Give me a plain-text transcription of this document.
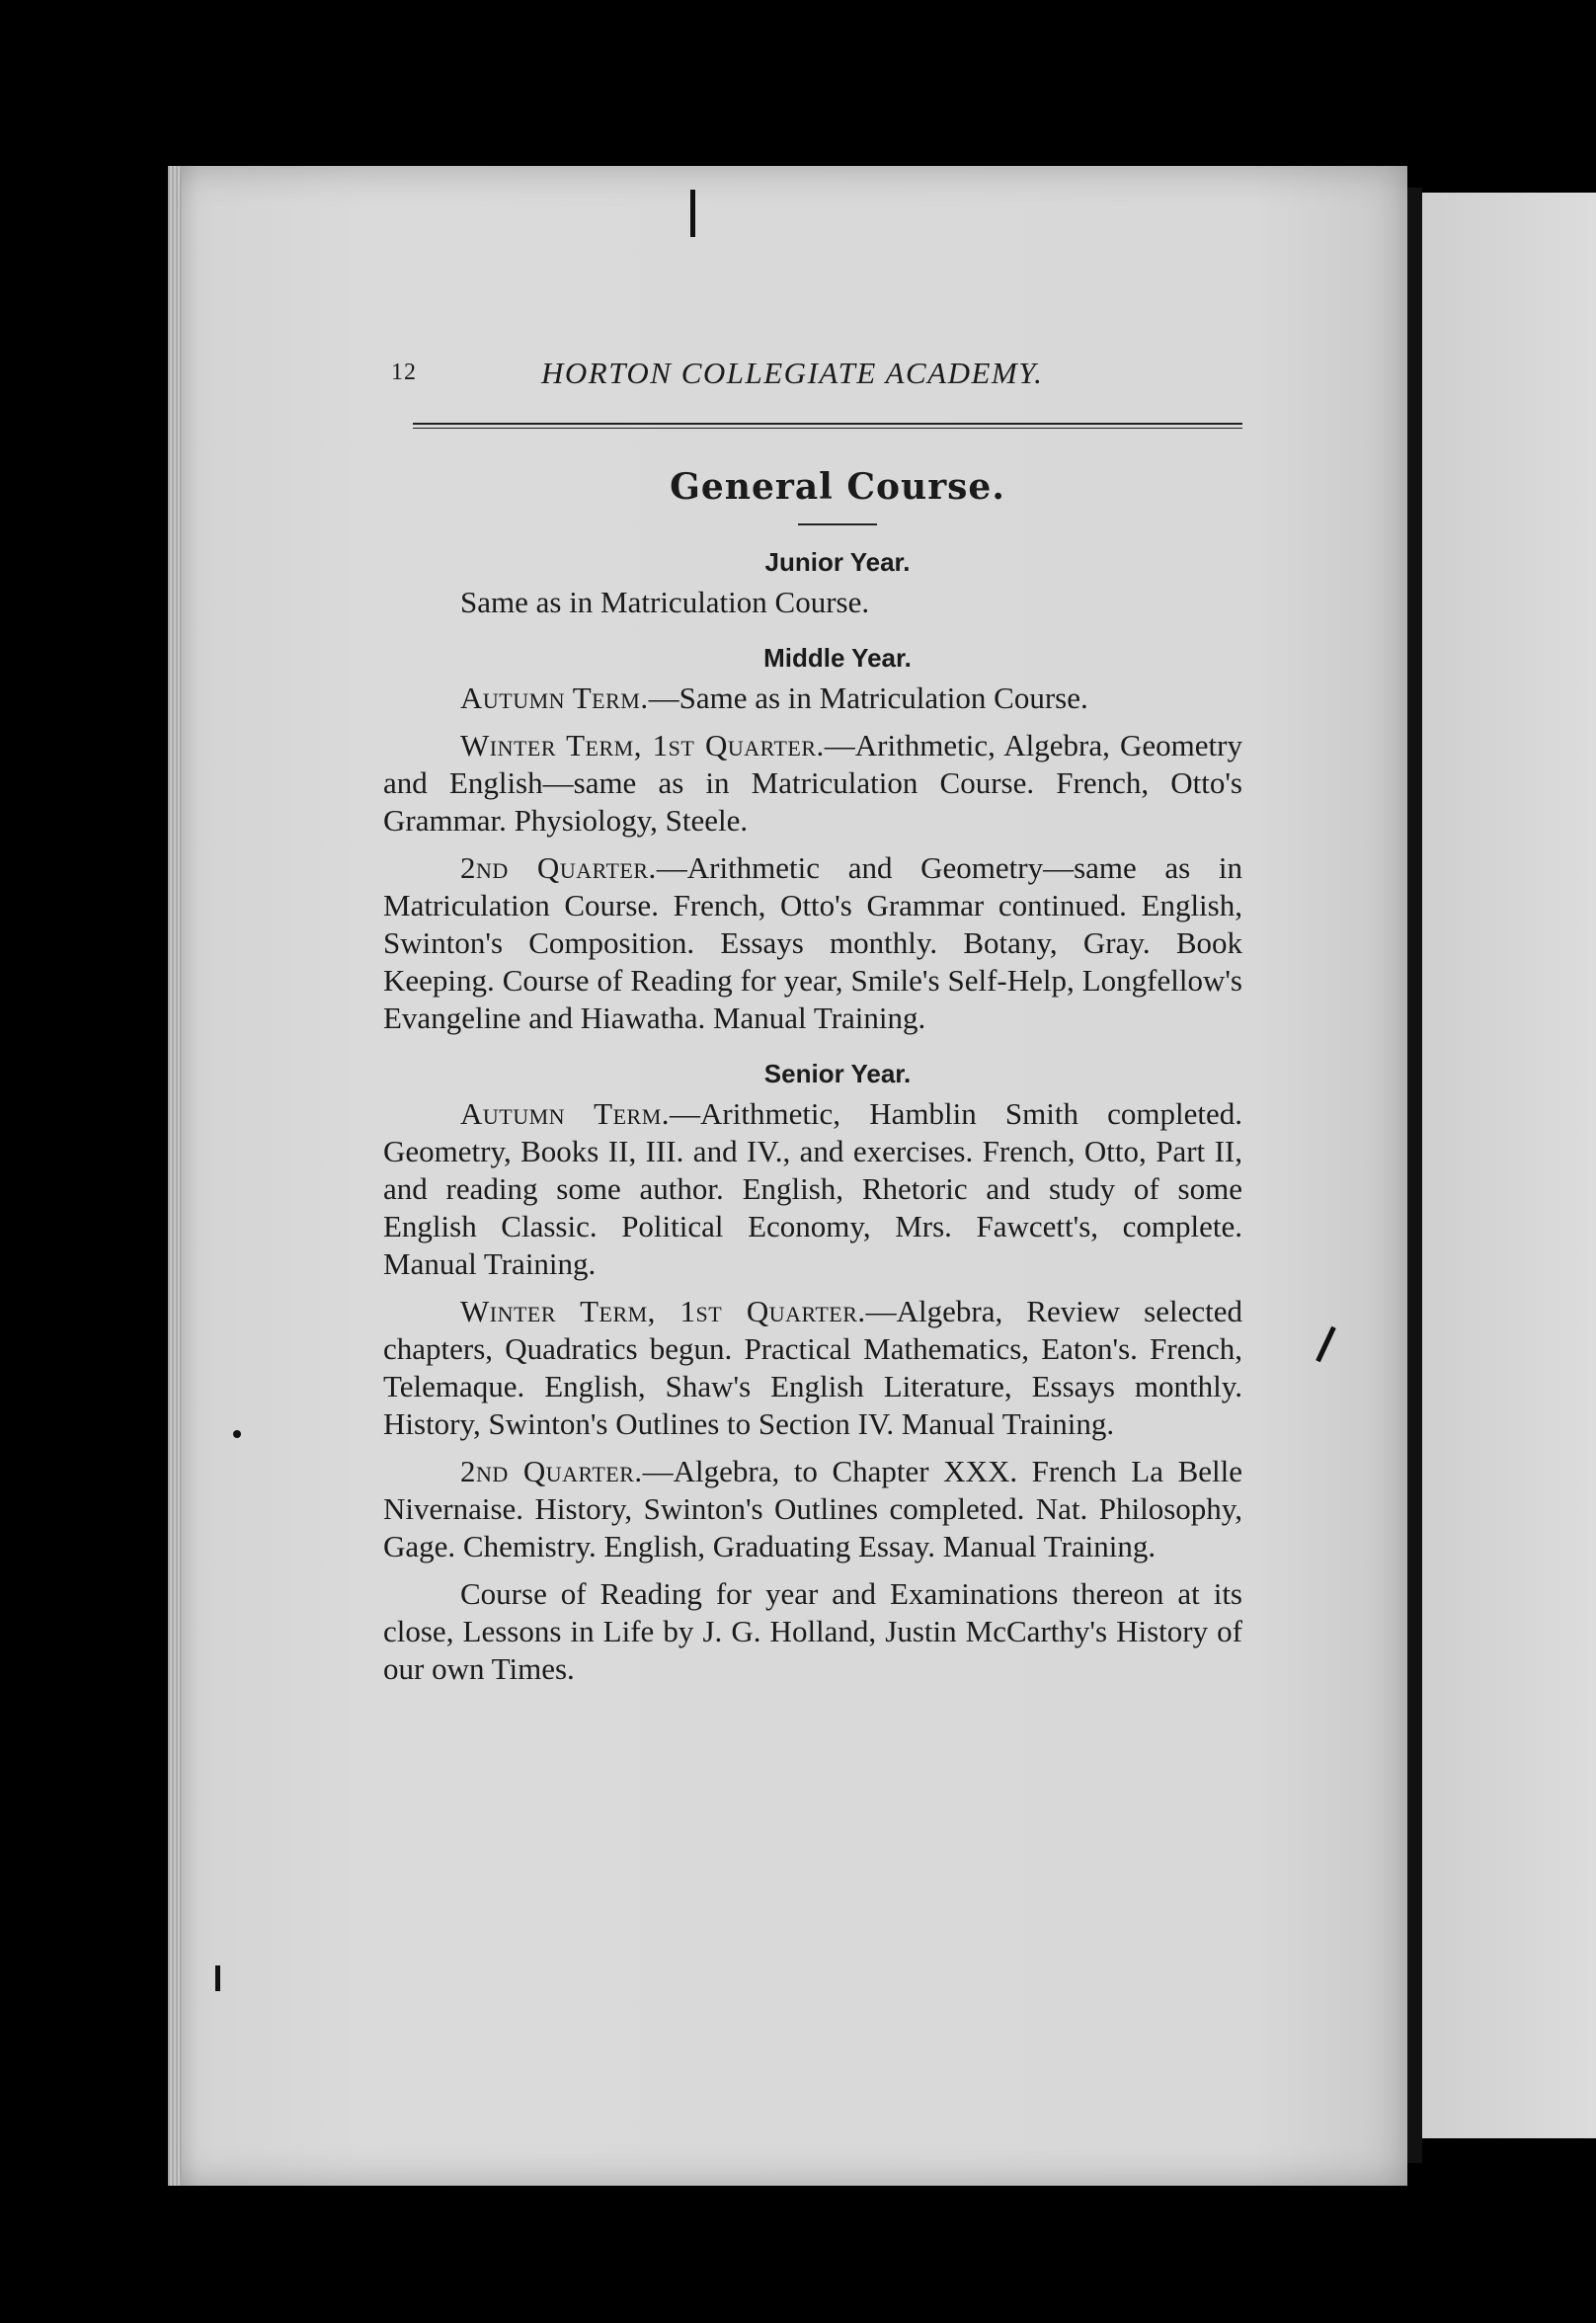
12	HORTON COLLEGIATE ACADEMY.
General Course.
Junior Year.

Same as in Matriculation Course.

Middle Year.

Autumn Term.—Same as in Matriculation Course.

Winter Term, 1st Quarter.—Arithmetic, Algebra, Geometry and English—same as in Matriculation Course. French, Otto's Grammar. Physiology, Steele.

2nd Quarter.—Arithmetic and Geometry—same as in Matriculation Course. French, Otto's Grammar continued. English, Swinton's Composition. Essays monthly. Botany, Gray. Book Keeping. Course of Reading for year, Smile's Self-Help, Longfellow's Evangeline and Hiawatha. Manual Training.

Senior Year.

Autumn Term.—Arithmetic, Hamblin Smith completed. Geometry, Books II, III. and IV., and exercises. French, Otto, Part II, and reading some author. English, Rhetoric and study of some English Classic. Political Economy, Mrs. Fawcett's, complete. Manual Training.

Winter Term, 1st Quarter.—Algebra, Review selected chapters, Quadratics begun. Practical Mathematics, Eaton's. French, Telemaque. English, Shaw's English Literature, Essays monthly. History, Swinton's Outlines to Section IV. Manual Training.

2nd Quarter.—Algebra, to Chapter XXX. French La Belle Nivernaise. History, Swinton's Outlines completed. Nat. Philosophy, Gage. Chemistry. English, Graduating Essay. Manual Training.

Course of Reading for year and Examinations thereon at its close, Lessons in Life by J. G. Holland, Justin McCarthy's History of our own Times.
